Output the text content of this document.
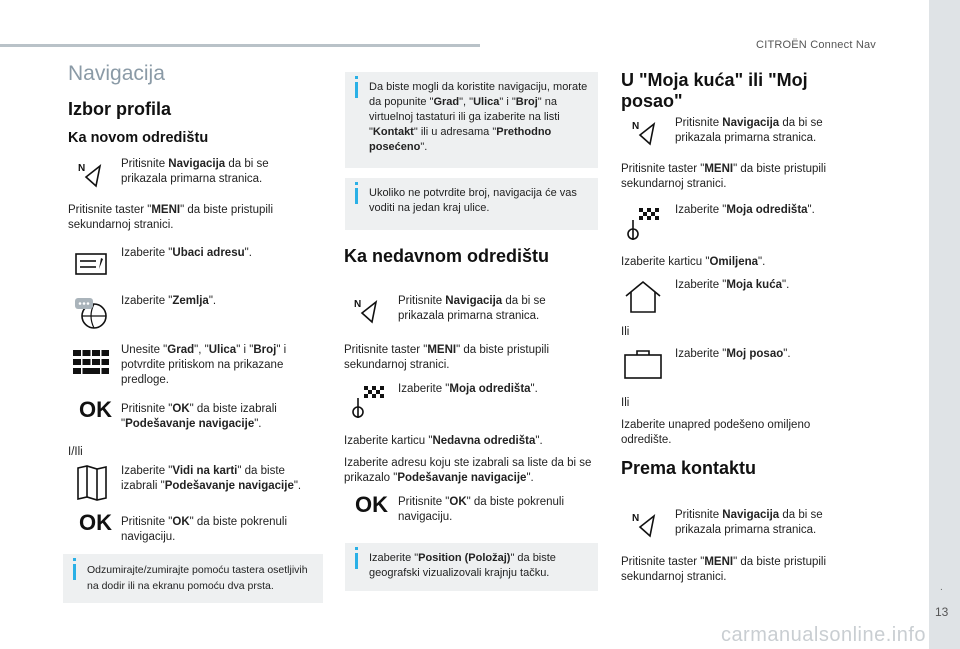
CITROËN Connect Nav
.
13
Navigacija
Izbor profila
Ka novom odredištu
N	Pritisnite Navigacija da bi se prikazala primarna stranica.
Pritisnite taster "MENI" da biste pristupili sekundarnoj stranici.
Izaberite "Ubaci adresu".
Izaberite "Zemlja".
Unesite "Grad", "Ulica" i "Broj" i potvrdite pritiskom na prikazane predloge.
OK Pritisnite "OK" da biste izabrali "Podešavanje navigacije".
I/Ili
Izaberite "Vidi na karti" da biste izabrali "Podešavanje navigacije".
OK Pritisnite "OK" da biste pokrenuli navigaciju.
Odzumirajte/zumirajte pomoću tastera osetljivih na dodir ili na ekranu pomoću dva prsta.
Da biste mogli da koristite navigaciju, morate da popunite "Grad", "Ulica" i "Broj" na virtuelnoj tastaturi ili ga izaberite na listi "Kontakt" ili u adresama "Prethodno posećeno".
Ukoliko ne potvrdite broj, navigacija će vas voditi na jedan kraj ulice.
Ka nedavnom odredištu
N	Pritisnite Navigacija da bi se prikazala primarna stranica.
Pritisnite taster "MENI" da biste pristupili sekundarnoj stranici.
Izaberite "Moja odredišta".
Izaberite karticu "Nedavna odredišta".
Izaberite adresu koju ste izabrali sa liste da bi se prikazalo "Podešavanje navigacije".
OK Pritisnite "OK" da biste pokrenuli navigaciju.
Izaberite "Position (Položaj)" da biste geografski vizualizovali krajnju tačku.
U "Moja kuća" ili "Moj posao"
N	Pritisnite Navigacija da bi se prikazala primarna stranica.
Pritisnite taster "MENI" da biste pristupili sekundarnoj stranici.
Izaberite "Moja odredišta".
Izaberite karticu "Omiljena".
Izaberite "Moja kuća".
Ili
Izaberite "Moj posao".
Ili
Izaberite unapred podešeno omiljeno odredište.
Prema kontaktu
N	Pritisnite Navigacija da bi se prikazala primarna stranica.
Pritisnite taster "MENI" da biste pristupili sekundarnoj stranici.
carmanualsonline.info
